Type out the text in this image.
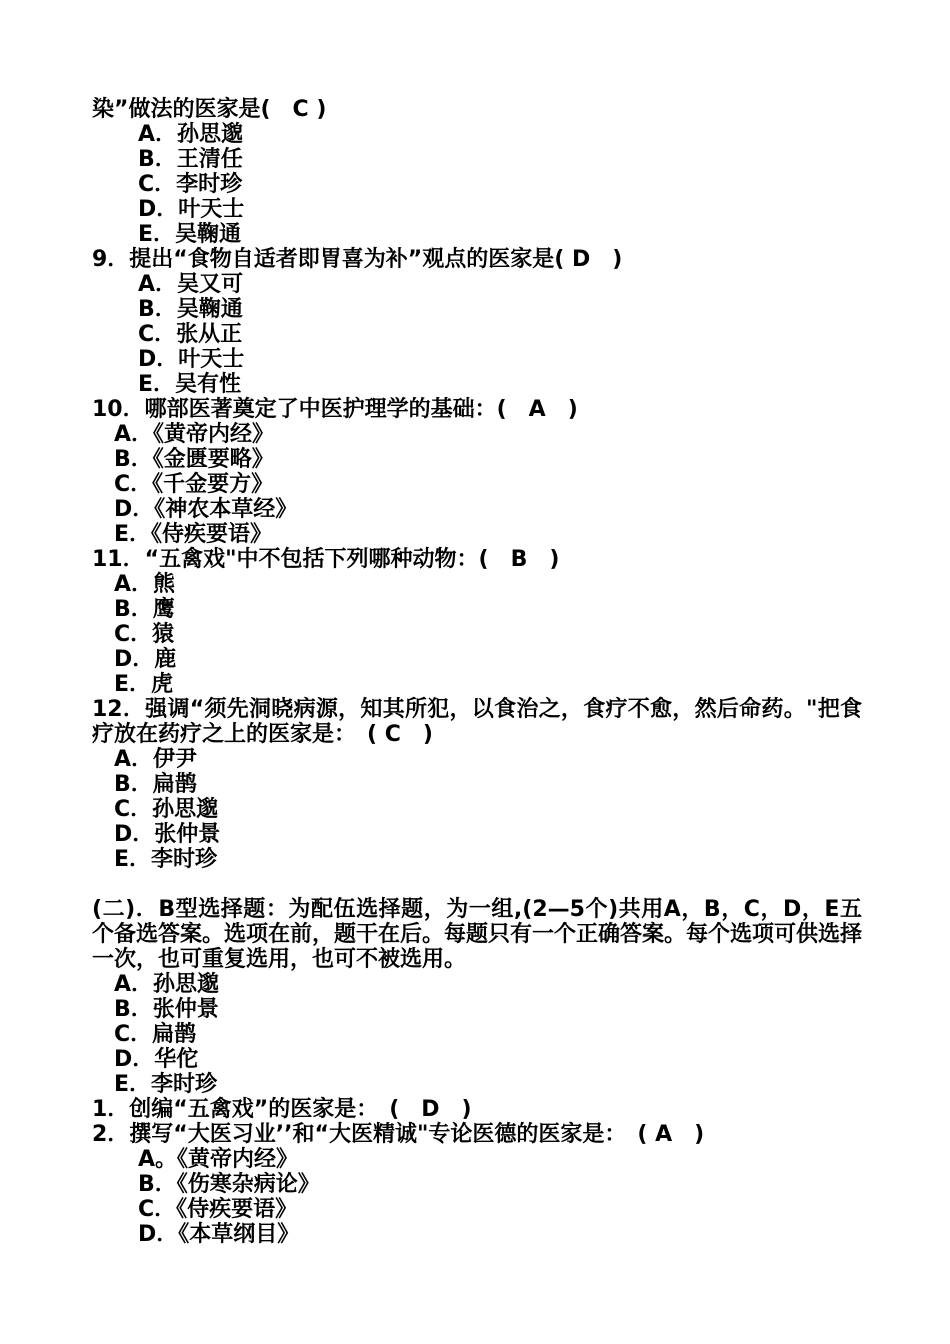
染”做法的医家是(　C )
A．孙思邈
B．王清任
C．李时珍
D．叶天士
E．吴鞠通
9．提出“食物自适者即胃喜为补”观点的医家是( D　)
A．吴又可
B．吴鞠通
C．张从正
D．叶天士
E．吴有性
10．哪部医著奠定了中医护理学的基础：(　A　)
A．《黄帝内经》
B．《金匮要略》
C．《千金要方》
D．《神农本草经》
E．《侍疾要语》
11．“五禽戏"中不包括下列哪种动物：(　B　)
A．熊
B．鹰
C．猿
D．鹿
E．虎
12．强调“须先洞晓病源，知其所犯，以食治之，食疗不愈，然后命药。"把食疗放在药疗之上的医家是：　( C　)
A．伊尹
B．扁鹊
C．孙思邈
D．张仲景
E．李时珍
(二)．B型选择题：为配伍选择题，为一组,(2—5个)共用A，B，C，D，E五个备选答案。选项在前，题干在后。每题只有一个正确答案。每个选项可供选择一次，也可重复选用，也可不被选用。
A．孙思邈
B．张仲景
C．扁鹊
D．华佗
E．李时珍
1．创编“五禽戏”的医家是：　(　D　)
2．撰写“大医习业’’和“大医精诚"专论医德的医家是：　( A　)
A。《黄帝内经》
B．《伤寒杂病论》
C．《侍疾要语》
D．《本草纲目》
